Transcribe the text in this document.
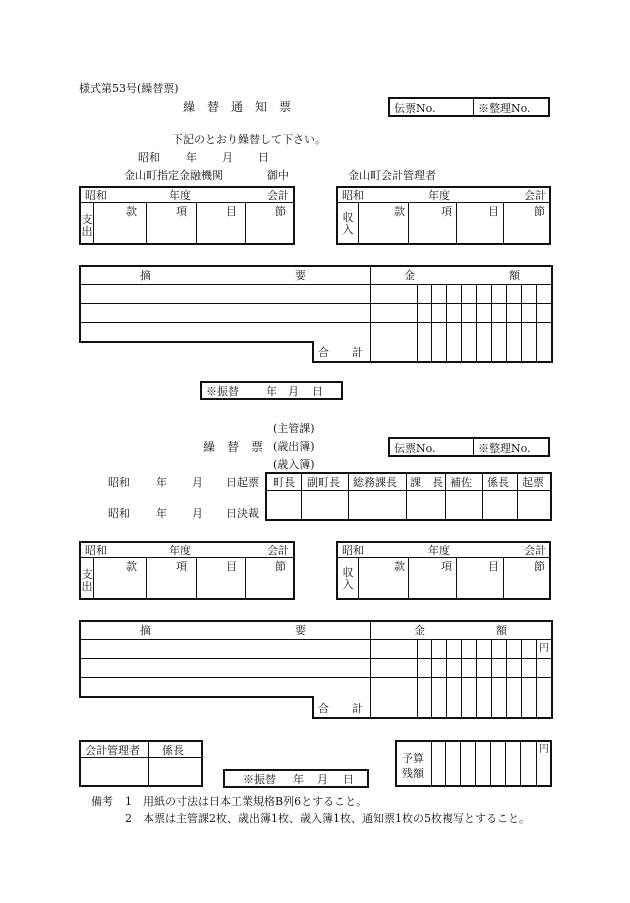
様式第53号(繰替票)
繰　替　通　知　票	伝票No.	※整理No.
下記のとおり繰替して下さい。
昭和 年 月 日
金山町指定金融機関	御中	金山町会計管理者
昭和	年度	会計
支出
款	項	目	節
昭和	年度	会計
収入
款	項	目	節
摘	要	金	額
合 計
※振替 年 月 日
(主管課)
繰　替　票 (歳出簿)
(歳入簿)
伝票No.	※整理No.
昭和 年 月 日起票
昭和 年 月 日決裁
町長 副町長 総務課長 課　長 補佐 係長 起票
昭和	年度	会計
支出
款	項	目	節
昭和	年度	会計
収入
款	項	目	節
摘	要	金	額
円
合 計
会計管理者 係長
※振替 年 月 日
予算
残額
円
備考 1 用紙の寸法は日本工業規格B列6とすること。
2 本票は主管課2枚、歳出簿1枚、歳入簿1枚、通知票1枚の5枚複写とすること。
